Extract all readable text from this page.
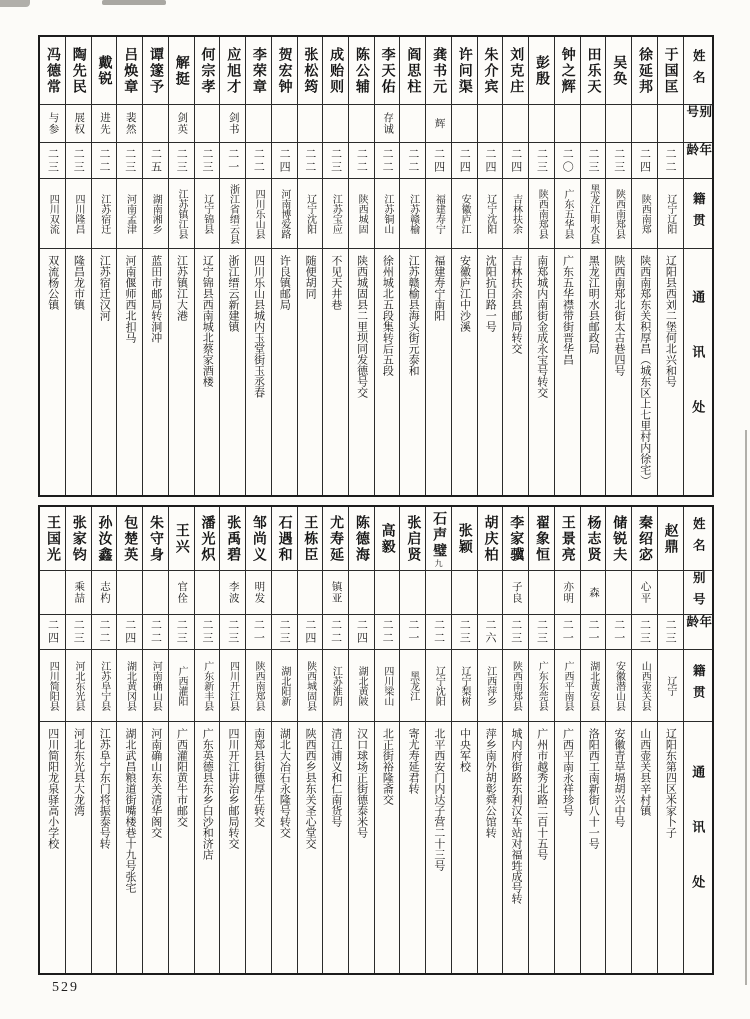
姓名
别号
年龄
籍贯
通讯处
于国匡
二二
辽宁辽阳
辽阳县西刘二堡何北兴和号
徐延邦
二四
陕西南郑
陕西南郑东关积厚昌（城东区上七里村内徐宅）
吴奂
二三
陕西南郑县
陕西南郑北街太古巷四号
田乐天
二三
黑龙江明水县
黑龙江明水县邮政局
钟之辉
二〇
广东五华县
广东五华襟带街晋华昌
彭殷
二三
陕西南郑县
南郑城内南街金成永宝号转交
刘克庄
二四
吉林扶余
吉林扶余县邮局转交
朱介宾
二四
辽宁沈阳
沈阳抗日路一号
许问渠
二四
安徽庐江
安徽庐江中沙溪
龚书元
辉
二四
福建寿宁
福建寿宁南阳
阎思柱
二二
江苏赣榆
江苏赣榆县海头街元泰和
李天佑
存诚
二二
江苏铜山
徐州城北五段集转后五段
陈公辅
二二
陕西城固
陕西城固县二里坝同发德号交
成贻则
二三
江苏宝应
不见天井巷
张松筠
二二
辽宁沈阳
随便胡同
贺宏钟
二四
河南博爱路
许良镇邮局
李荣章
二二
四川乐山县
四川乐山县城内玉堂街玉丞春
应旭才
剑书
二一
浙江省缙云县
浙江缙云新建镇
何宗孝
二三
辽宁锦县
辽宁锦县西南城北蔡家酒楼
解挺
剑英
二三
江苏镇江县
江苏镇江大港
谭篴予
二五
湖南湘乡
蓝田市邮局转洞冲
吕焕章
裴然
二三
河南孟津
河南偃师西北扣马
戴锐
进先
二二
江苏宿迁
江苏宿迁汉河
陶先民
展权
二三
四川隆昌
隆昌龙市镇
冯德常
与参
二三
四川双流
双流杨公镇
姓名
别号
年龄
籍贯
通讯处
赵鼎
二三
辽宁
辽阳东第四区米家卜子
秦绍宓
心平
二三
山西壶关县
山西壶关县辛村镇
储锐夫
二一
安徽潜山县
安徽青草塥胡兴中号
杨志贤
森
二一
湖北黄安县
洛阳西工南新街八十一号
王景亮
亦明
二一
广西平南县
广西平南永祥珍号
翟象恒
二三
广东东莞县
广州市越秀北路二百十五号
李家骥
子良
二三
陕西南郑县
城内府街路东利汉车站对福甡成号转
胡庆柏
二六
江西萍乡
萍乡南外胡彰舜公馆转
张颖
二三
辽宁梨树
中央军校
石声璧九
二二
辽宁沈阳
北平西安门内达子营二十三号
张启贤
二一
黑龙江
寄尤寿延君转
高毅
二二
四川梁山
北正街裕隆斋交
陈德海
二四
湖北黄陂
汉口球场正街德泰米号
尤寿延
镇亚
二二
江苏淮阴
清江浦义和仁南货号
王栋臣
二四
陕西城固县
陕西西乡县东关圣心堂交
石遇和
二三
湖北阳新
湖北大冶石永隆号转交
邹尚义
明发
二一
陕西南郑县
南郑县街德厚生转交
张禹碧
李波
二三
四川开江县
四川开江讲治乡邮局转交
潘光炽
二三
广东新丰县
广东英德县东乡白沙和济店
王兴
官佺
二三
广西灌阳
广西灌阳黄牛市邮交
朱守身
二二
河南确山县
河南确山东关清华阁交
包楚英
二四
湖北黄冈县
湖北武昌粮道街嘴楼巷十九号张宅
孙汝鑫
志杓
二二
江苏阜宁县
江苏阜宁东门将振泰号转
张家钧
乘喆
二三
河北东光县
河北东光县大龙湾
王国光
二四
四川简阳县
四川简阳龙泉驿高小学校
529
